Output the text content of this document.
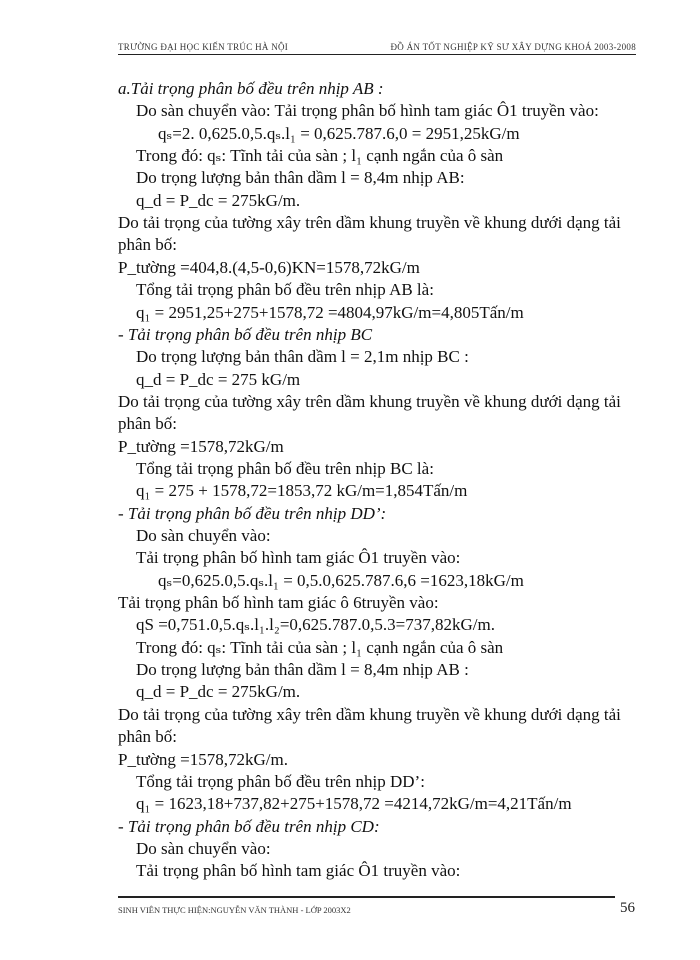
TRƯỜNG ĐẠI HỌC KIẾN TRÚC HÀ NỘI	ĐỒ ÁN TỐT NGHIỆP KỸ SƯ XÂY DỰNG KHOÁ 2003-2008
a.Tải trọng phân bố đều trên nhịp AB :
Do sàn chuyển vào: Tải trọng phân bố hình tam giác Ô1 truyền vào:
qₛ=2. 0,625.0,5.qₛ.l₁ = 0,625.787.6,0 = 2951,25kG/m
Trong đó: qₛ: Tĩnh tải của sàn ; l₁ cạnh ngắn của ô sàn
Do trọng lượng bản thân dầm l = 8,4m nhịp AB:
q_d = P_dc = 275kG/m.
Do tải trọng của tường xây trên dầm khung truyền về khung dưới dạng tải
phân bố:
P_tường =404,8.(4,5-0,6)KN=1578,72kG/m
Tổng tải trọng phân bố đều trên nhịp AB là:
q₁ = 2951,25+275+1578,72 =4804,97kG/m=4,805Tấn/m
- Tải trọng phân bố đều trên nhịp BC
Do trọng lượng bản thân dầm l = 2,1m nhịp BC :
q_d = P_dc = 275 kG/m
Do tải trọng của tường xây trên dầm khung truyền về khung dưới dạng tải
phân bố:
P_tường =1578,72kG/m
Tổng tải trọng phân bố đều trên nhịp BC là:
q₁ = 275 + 1578,72=1853,72 kG/m=1,854Tấn/m
- Tải trọng phân bố đều trên nhịp DD’:
Do sàn chuyển vào:
Tải trọng phân bố hình tam giác Ô1 truyền vào:
qₛ=0,625.0,5.qₛ.l₁ = 0,5.0,625.787.6,6 =1623,18kG/m
Tải trọng phân bố hình tam giác ô 6truyền vào:
qS =0,751.0,5.qₛ.l₁.l₂=0,625.787.0,5.3=737,82kG/m.
Trong đó: qₛ: Tĩnh tải của sàn ; l₁ cạnh ngắn của ô sàn
Do trọng lượng bản thân dầm l = 8,4m nhịp AB :
q_d = P_dc = 275kG/m.
Do tải trọng của tường xây trên dầm khung truyền về khung dưới dạng tải
phân bố:
P_tường =1578,72kG/m.
Tổng tải trọng phân bố đều trên nhịp DD’:
q₁ = 1623,18+737,82+275+1578,72 =4214,72kG/m=4,21Tấn/m
- Tải trọng phân bố đều trên nhịp CD:
Do sàn chuyển vào:
Tải trọng phân bố hình tam giác Ô1 truyền vào:
SINH VIÊN THỰC HIỆN:NGUYỄN VĂN THÀNH - LỚP 2003X2	56
